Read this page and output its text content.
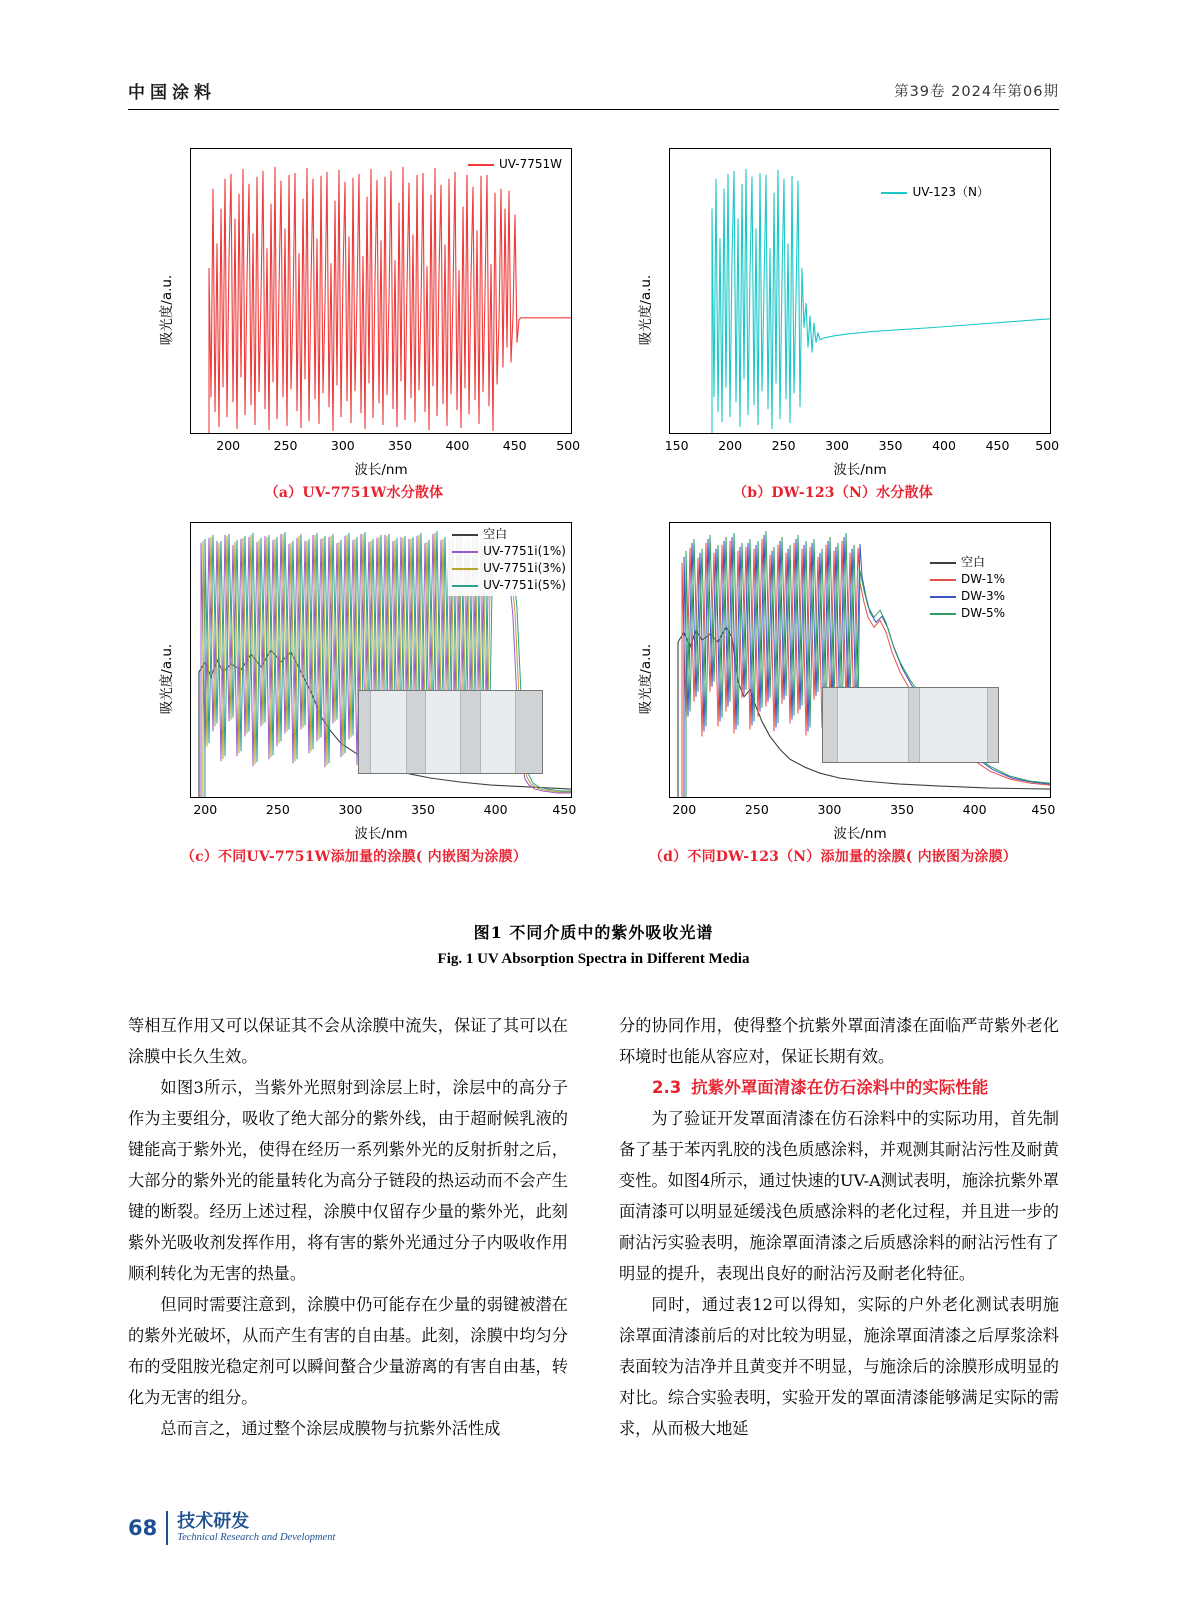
中国涂料	第39卷 2024年第06期
吸光度/a.u.
UV-7751W
200	250	300	350	400	450 500
波长/nm
（a）UV-7751W水分散体
吸光度/a.u.
UV-123（N）
150 200 250 300 350 400 450 500
波长/nm
（b）DW-123（N）水分散体
吸光度/a.u.
空白
UV-7751i(1%)
UV-7751i(3%)
UV-7751i(5%)
200	250	300	350	400	450
波长/nm
（c）不同UV-7751W添加量的涂膜( 内嵌图为涂膜）
吸光度/a.u.
空白
DW-1%
DW-3%
DW-5%
200	250	300	350	400	450
波长/nm
（d）不同DW-123（N）添加量的涂膜( 内嵌图为涂膜）
图1 不同介质中的紫外吸收光谱
Fig. 1 UV Absorption Spectra in Different Media

等相互作用又可以保证其不会从涂膜中流失，保证了其可以在涂膜中长久生效。

如图3所示，当紫外光照射到涂层上时，涂层中的高分子作为主要组分，吸收了绝大部分的紫外线，由于超耐候乳液的键能高于紫外光，使得在经历一系列紫外光的反射折射之后，大部分的紫外光的能量转化为高分子链段的热运动而不会产生键的断裂。经历上述过程，涂膜中仅留存少量的紫外光，此刻紫外光吸收剂发挥作用，将有害的紫外光通过分子内吸收作用顺利转化为无害的热量。

但同时需要注意到，涂膜中仍可能存在少量的弱键被潜在的紫外光破坏，从而产生有害的自由基。此刻，涂膜中均匀分布的受阻胺光稳定剂可以瞬间螯合少量游离的有害自由基，转化为无害的组分。

总而言之，通过整个涂层成膜物与抗紫外活性成

分的协同作用，使得整个抗紫外罩面清漆在面临严苛紫外老化环境时也能从容应对，保证长期有效。

2.3 抗紫外罩面清漆在仿石涂料中的实际性能

为了验证开发罩面清漆在仿石涂料中的实际功用，首先制备了基于苯丙乳胶的浅色质感涂料，并观测其耐沾污性及耐黄变性。如图4所示，通过快速的UV-A测试表明，施涂抗紫外罩面清漆可以明显延缓浅色质感涂料的老化过程，并且进一步的耐沾污实验表明，施涂罩面清漆之后质感涂料的耐沾污性有了明显的提升，表现出良好的耐沾污及耐老化特征。

同时，通过表12可以得知，实际的户外老化测试表明施涂罩面清漆前后的对比较为明显，施涂罩面清漆之后厚浆涂料表面较为洁净并且黄变并不明显，与施涂后的涂膜形成明显的对比。综合实验表明，实验开发的罩面清漆能够满足实际的需求，从而极大地延

68 技术研发
Technical Research and Development
